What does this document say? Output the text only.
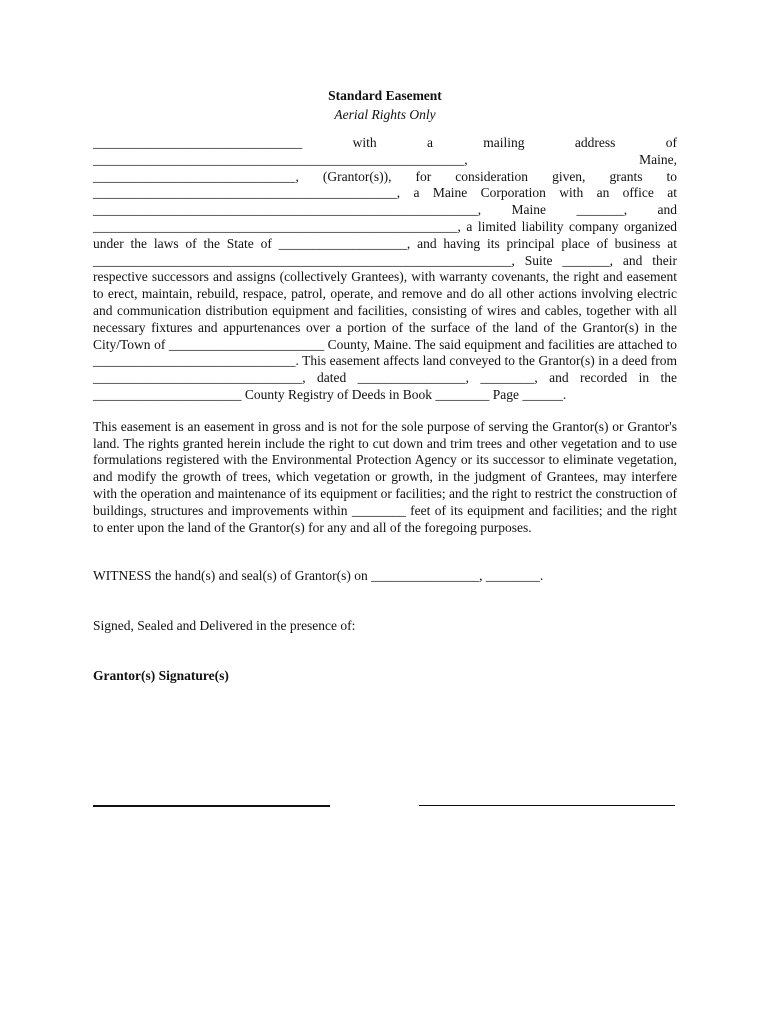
Standard Easement

Aerial Rights Only

_______________________________ with a mailing address of _______________________________________________________, Maine, ______________________________, (Grantor(s)), for consideration given, grants to _____________________________________________, a Maine Corporation with an office at _________________________________________________________, Maine _______, and ______________________________________________________, a limited liability company organized under the laws of the State of ___________________, and having its principal place of business at ______________________________________________________________, Suite _______, and their respective successors and assigns (collectively Grantees), with warranty covenants, the right and easement to erect, maintain, rebuild, respace, patrol, operate, and remove and do all other actions involving electric and communication distribution equipment and facilities, consisting of wires and cables, together with all necessary fixtures and appurtenances over a portion of the surface of the land of the Grantor(s) in the City/Town of _______________________ County, Maine. The said equipment and facilities are attached to ______________________________. This easement affects land conveyed to the Grantor(s) in a deed from _______________________________, dated ________________, ________, and recorded in the ______________________ County Registry of Deeds in Book ________ Page ______.

This easement is an easement in gross and is not for the sole purpose of serving the Grantor(s) or Grantor's land. The rights granted herein include the right to cut down and trim trees and other vegetation and to use formulations registered with the Environmental Protection Agency or its successor to eliminate vegetation, and modify the growth of trees, which vegetation or growth, in the judgment of Grantees, may interfere with the operation and maintenance of its equipment or facilities; and the right to restrict the construction of buildings, structures and improvements within ________ feet of its equipment and facilities; and the right to enter upon the land of the Grantor(s) for any and all of the foregoing purposes.

WITNESS the hand(s) and seal(s) of Grantor(s) on ________________, ________.

Signed, Sealed and Delivered in the presence of:

Grantor(s) Signature(s)
